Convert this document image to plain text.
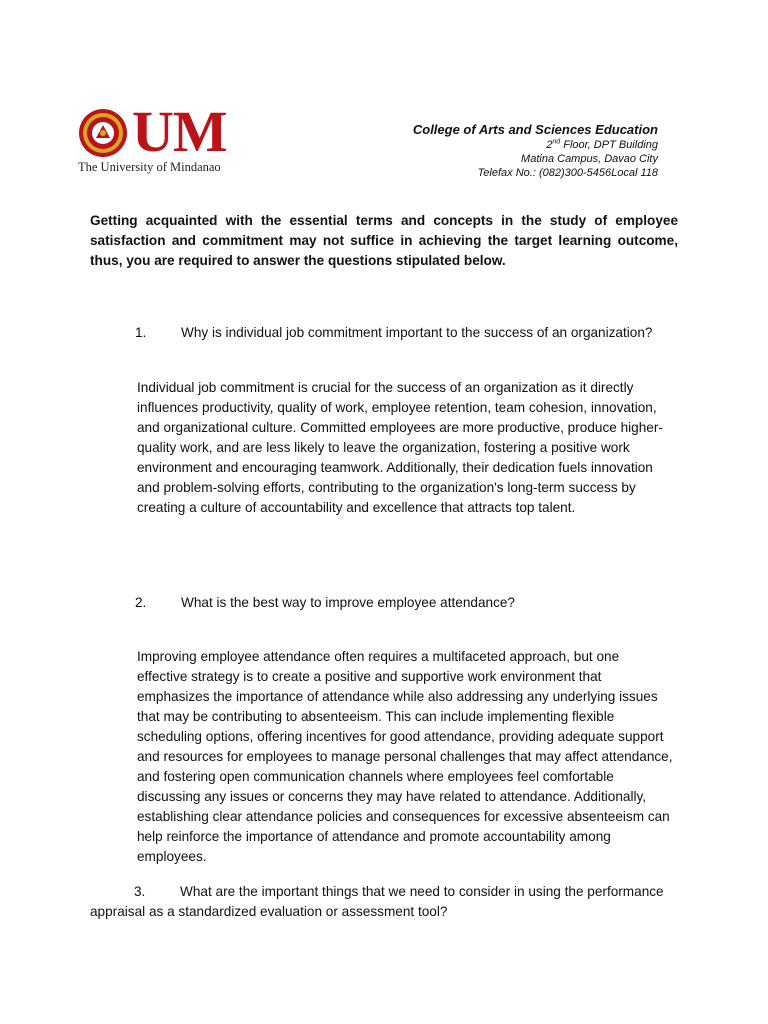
UM
The University of Mindanao
College of Arts and Sciences Education
2nd Floor, DPT Building
Matina Campus, Davao City
Telefax No.: (082)300-5456Local 118
Getting acquainted with the essential terms and concepts in the study of employee satisfaction and commitment may not suffice in achieving the target learning outcome, thus, you are required to answer the questions stipulated below.
1.	Why is individual job commitment important to the success of an organization?
Individual job commitment is crucial for the success of an organization as it directly influences productivity, quality of work, employee retention, team cohesion, innovation, and organizational culture. Committed employees are more productive, produce higher-quality work, and are less likely to leave the organization, fostering a positive work environment and encouraging teamwork. Additionally, their dedication fuels innovation and problem-solving efforts, contributing to the organization's long-term success by creating a culture of accountability and excellence that attracts top talent.
2.	What is the best way to improve employee attendance?
Improving employee attendance often requires a multifaceted approach, but one effective strategy is to create a positive and supportive work environment that emphasizes the importance of attendance while also addressing any underlying issues that may be contributing to absenteeism. This can include implementing flexible scheduling options, offering incentives for good attendance, providing adequate support and resources for employees to manage personal challenges that may affect attendance, and fostering open communication channels where employees feel comfortable discussing any issues or concerns they may have related to attendance. Additionally, establishing clear attendance policies and consequences for excessive absenteeism can help reinforce the importance of attendance and promote accountability among employees.
3.	What are the important things that we need to consider in using the performance appraisal as a standardized evaluation or assessment tool?
